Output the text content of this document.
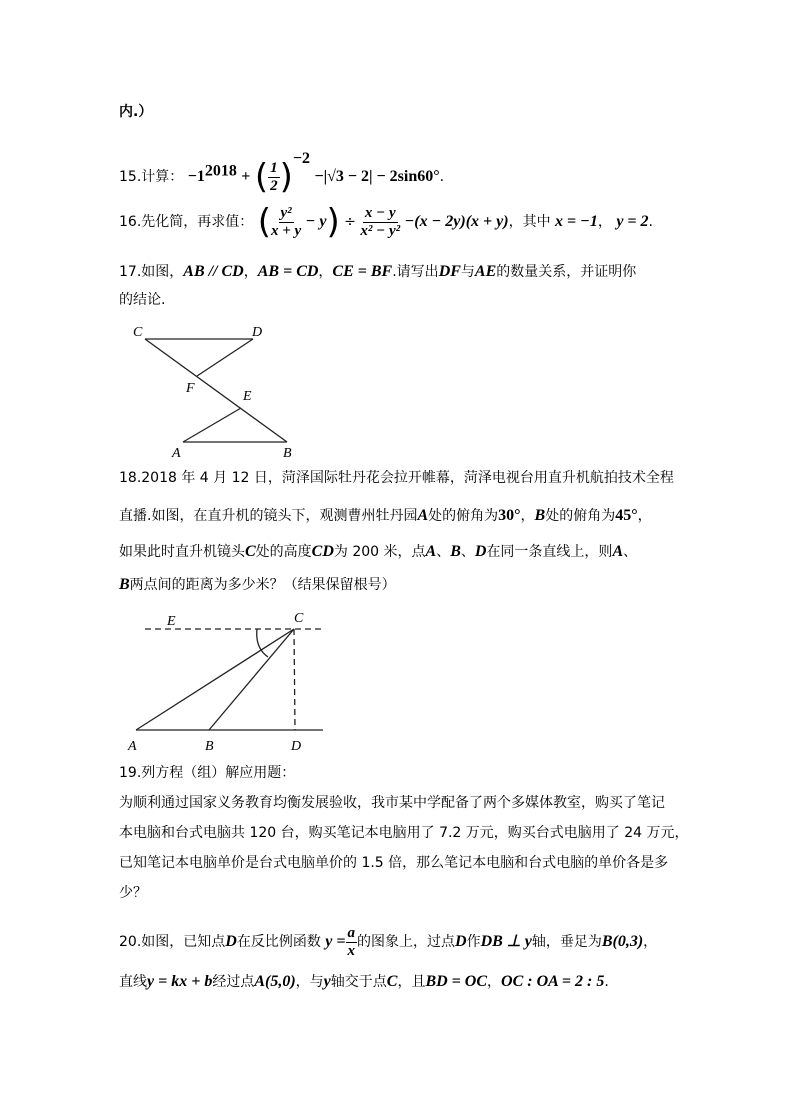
内.）
15.计算： $-1^{2018}$ + ( $\frac{1}{2} )^{-2} -|√3 - 2| - 2\sin 60^\circ$.
16.先化简，再求值： ( $\frac{\text{y²}}{x + y} - y) \div \frac{x - y}{\text{x² − y²}} -(x - 2y)(x + y)$，其中 x = −1， y = 2.
17.如图，AB // CD，AB = CD，CE = BF.请写出DF与AE的数量关系，并证明你
的结论.
C	D
F
E
A	B
E	C
A	B	D
18.2018 年 4 月 12 日，菏泽国际牡丹花会拉开帷幕，菏泽电视台用直升机航拍技术全程
直播.如图，在直升机的镜头下，观测曹州牡丹园A处的俯角为30°，B处的俯角为45°，
如果此时直升机镜头C处的高度CD为 200 米，点A、B、D在同一条直线上，则A、
B两点间的距离为多少米？（结果保留根号）
19.列方程（组）解应用题：
为顺利通过国家义务教育均衡发展验收，我市某中学配备了两个多媒体教室，购买了笔记
本电脑和台式电脑共 120 台，购买笔记本电脑用了 7.2 万元，购买台式电脑用了 24 万元，
已知笔记本电脑单价是台式电脑单价的 1.5 倍，那么笔记本电脑和台式电脑的单价各是多
少？
20.如图，已知点D在反比例函数 $y = \frac{a}{x}$ 的图象上，过点D作DB ⊥ y轴，垂足为B(0,3)，
直线y = kx + b经过点A(5,0)，与y轴交于点C，且BD = OC，OC : OA = 2 : 5.
